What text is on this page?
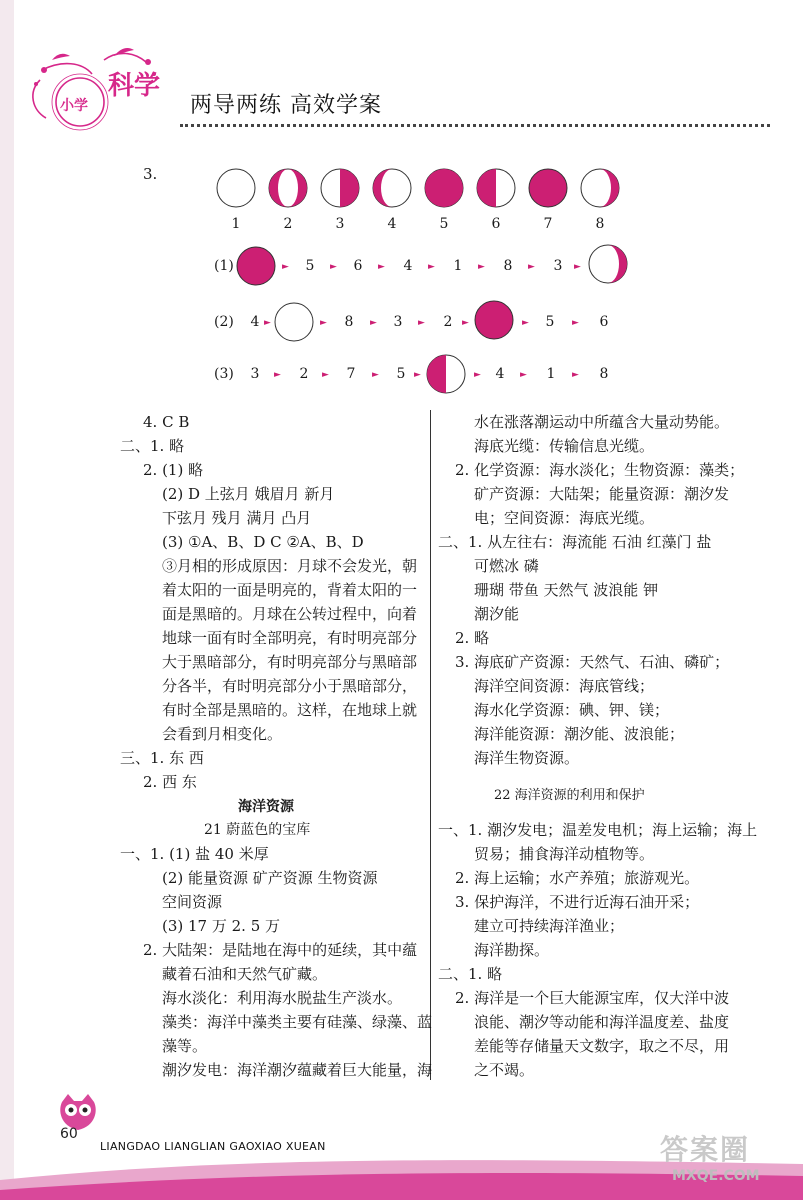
科学
小学	两导两练 高效学案
3.
1	2	3	4	5	6	7	8
(1)	► 5 ► 6 ► 4 ► 1 ► 8 ► 3 ►
(2) 4 ►	► 8 ► 3 ► 2 ►	► 5 ► 6
(3) 3 ► 2 ► 7 ► 5 ►	► 4 ► 1 ► 8
4. C B
二、1. 略
2. (1) 略
(2) D 上弦月 娥眉月 新月
下弦月 残月 满月 凸月
(3) ①A、B、D C ②A、B、D
③月相的形成原因：月球不会发光，朝
着太阳的一面是明亮的，背着太阳的一
面是黑暗的。月球在公转过程中，向着
地球一面有时全部明亮，有时明亮部分
大于黑暗部分，有时明亮部分与黑暗部
分各半，有时明亮部分小于黑暗部分，
有时全部是黑暗的。这样，在地球上就
会看到月相变化。
三、1. 东 西
2. 西 东
海洋资源
21 蔚蓝色的宝库
一、1. (1) 盐 40 米厚
(2) 能量资源 矿产资源 生物资源
空间资源
(3) 17 万 2. 5 万
2. 大陆架：是陆地在海中的延续，其中蕴
藏着石油和天然气矿藏。
海水淡化：利用海水脱盐生产淡水。
藻类：海洋中藻类主要有硅藻、绿藻、蓝
藻等。
潮汐发电：海洋潮汐蕴藏着巨大能量，海
水在涨落潮运动中所蕴含大量动势能。
海底光缆：传输信息光缆。
2. 化学资源：海水淡化；生物资源：藻类；
矿产资源：大陆架；能量资源：潮汐发
电；空间资源：海底光缆。
二、1. 从左往右：海流能 石油 红藻门 盐
可燃冰 磷
珊瑚 带鱼 天然气 波浪能 钾
潮汐能
2. 略
3. 海底矿产资源：天然气、石油、磷矿；
海洋空间资源：海底管线；
海水化学资源：碘、钾、镁；
海洋能资源：潮汐能、波浪能；
海洋生物资源。
22 海洋资源的利用和保护
一、1. 潮汐发电；温差发电机；海上运输；海上
贸易；捕食海洋动植物等。
2. 海上运输；水产养殖；旅游观光。
3. 保护海洋，不进行近海石油开采；
建立可持续海洋渔业；
海洋勘探。
二、1. 略
2. 海洋是一个巨大能源宝库，仅大洋中波
浪能、潮汐等动能和海洋温度差、盐度
差能等存储量天文数字，取之不尽，用
之不竭。
60
LIANGDAO LIANGLIAN GAOXIAO XUEAN	答案圈
MXQE.COM
